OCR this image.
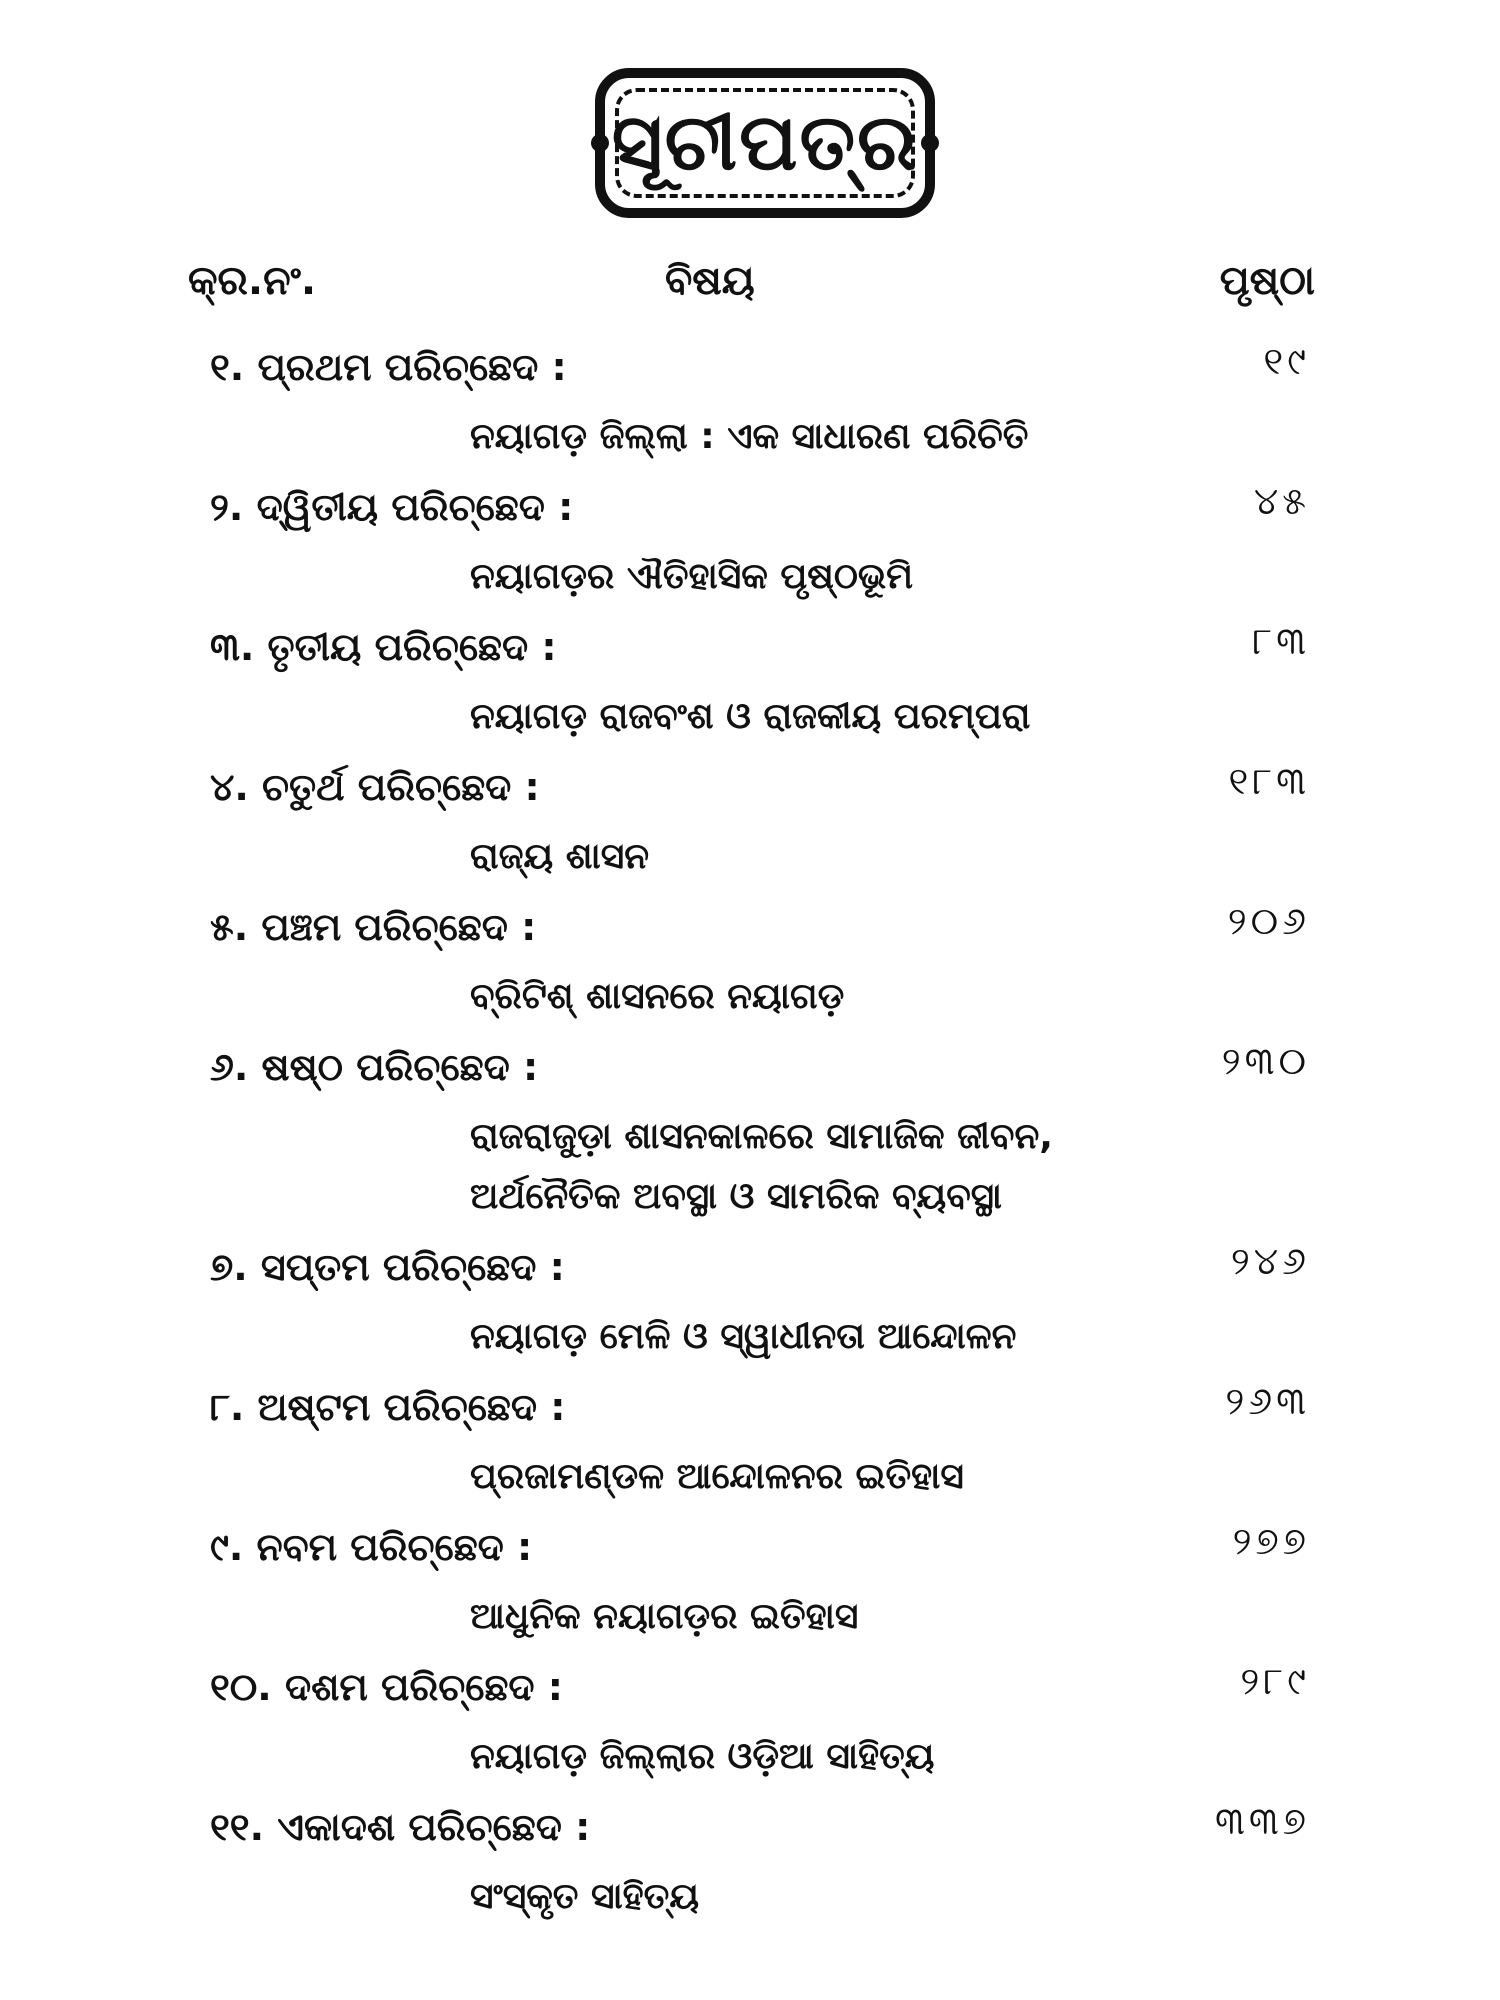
ସୂଚୀପତ୍ର
କ୍ର.ନଂ.	ବିଷୟ	ପୃଷ୍ଠା
୧. ପ୍ରଥମ ପରିଚ୍ଛେଦ :	୧୯
ନୟାଗଡ଼ ଜିଲ୍ଲା : ଏକ ସାଧାରଣ ପରିଚିତି
୨. ଦ୍ୱିତୀୟ ପରିଚ୍ଛେଦ :	୪୫
ନୟାଗଡ଼ର ଐତିହାସିକ ପୃଷ୍ଠଭୂମି
୩. ତୃତୀୟ ପରିଚ୍ଛେଦ :	୮୩
ନୟାଗଡ଼ ରାଜବଂଶ ଓ ରାଜକୀୟ ପରମ୍ପରା
୪. ଚତୁର୍ଥ ପରିଚ୍ଛେଦ :	୧୮୩
ରାଜ୍ୟ ଶାସନ
୫. ପଞ୍ଚମ ପରିଚ୍ଛେଦ :	୨୦୬
ବ୍ରିଟିଶ୍ ଶାସନରେ ନୟାଗଡ଼
୬. ଷଷ୍ଠ ପରିଚ୍ଛେଦ :	୨୩୦
ରାଜରାଜୁଡ଼ା ଶାସନକାଳରେ ସାମାଜିକ ଜୀବନ,
ଅର୍ଥନୈତିକ ଅବସ୍ଥା ଓ ସାମରିକ ବ୍ୟବସ୍ଥା
୭. ସପ୍ତମ ପରିଚ୍ଛେଦ :	୨୪୬
ନୟାଗଡ଼ ମେଳି ଓ ସ୍ୱାଧୀନତା ଆନ୍ଦୋଳନ
୮. ଅଷ୍ଟମ ପରିଚ୍ଛେଦ :	୨୬୩
ପ୍ରଜାମଣ୍ଡଳ ଆନ୍ଦୋଳନର ଇତିହାସ
୯. ନବମ ପରିଚ୍ଛେଦ :	୨୭୭
ଆଧୁନିକ ନୟାଗଡ଼ର ଇତିହାସ
୧୦. ଦଶମ ପରିଚ୍ଛେଦ :	୨୮୯
ନୟାଗଡ଼ ଜିଲ୍ଲାର ଓଡ଼ିଆ ସାହିତ୍ୟ
୧୧. ଏକାଦଶ ପରିଚ୍ଛେଦ :	୩୩୭
ସଂସ୍କୃତ ସାହିତ୍ୟ
